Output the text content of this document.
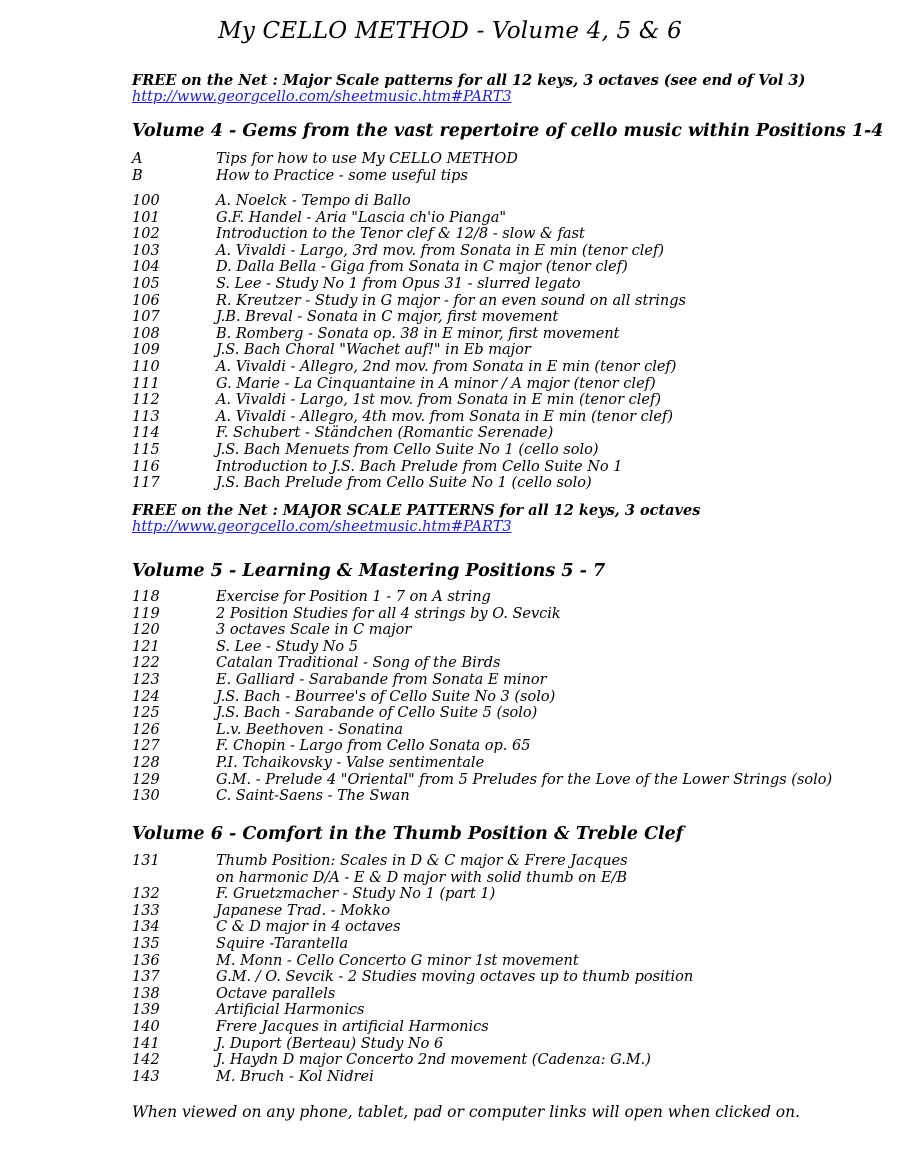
My CELLO METHOD - Volume 4, 5 & 6
FREE on the Net : Major Scale patterns for all 12 keys, 3 octaves (see end of Vol 3)
http://www.georgcello.com/sheetmusic.htm#PART3
Volume 4 - Gems from the vast repertoire of cello music within Positions 1-4
A	Tips for how to use My CELLO METHOD
B	How to Practice - some useful tips
100	A. Noelck - Tempo di Ballo
101	G.F. Handel - Aria "Lascia ch'io Pianga"
102	Introduction to the Tenor clef & 12/8 - slow & fast
103	A. Vivaldi - Largo, 3rd mov. from Sonata in E min (tenor clef)
104	D. Dalla Bella - Giga from Sonata in C major (tenor clef)
105	S. Lee - Study No 1 from Opus 31 - slurred legato
106	R. Kreutzer - Study in G major - for an even sound on all strings
107	J.B. Breval - Sonata in C major, first movement
108	B. Romberg - Sonata op. 38 in E minor, first movement
109	J.S. Bach Choral "Wachet auf!" in Eb major
110	A. Vivaldi - Allegro, 2nd mov. from Sonata in E min (tenor clef)
111	G. Marie - La Cinquantaine in A minor / A major (tenor clef)
112	A. Vivaldi - Largo, 1st mov. from Sonata in E min (tenor clef)
113	A. Vivaldi - Allegro, 4th mov. from Sonata in E min (tenor clef)
114	F. Schubert - Ständchen (Romantic Serenade)
115	J.S. Bach Menuets from Cello Suite No 1 (cello solo)
116	Introduction to J.S. Bach Prelude from Cello Suite No 1
117	J.S. Bach Prelude from Cello Suite No 1 (cello solo)
FREE on the Net : MAJOR SCALE PATTERNS for all 12 keys, 3 octaves
http://www.georgcello.com/sheetmusic.htm#PART3
Volume 5 - Learning & Mastering Positions 5 - 7
118	Exercise for Position 1 - 7 on A string
119	2 Position Studies for all 4 strings by O. Sevcik
120	3 octaves Scale in C major
121	S. Lee - Study No 5
122	Catalan Traditional - Song of the Birds
123	E. Galliard - Sarabande from Sonata E minor
124	J.S. Bach - Bourree's of Cello Suite No 3 (solo)
125	J.S. Bach - Sarabande of Cello Suite 5 (solo)
126	L.v. Beethoven - Sonatina
127	F. Chopin - Largo from Cello Sonata op. 65
128	P.I. Tchaikovsky - Valse sentimentale
129	G.M. - Prelude 4 "Oriental" from 5 Preludes for the Love of the Lower Strings (solo)
130	C. Saint-Saens - The Swan
Volume 6 - Comfort in the Thumb Position & Treble Clef
131	Thumb Position: Scales in D & C major & Frere Jacques
on harmonic D/A - E & D major with solid thumb on E/B
132	F. Gruetzmacher - Study No 1 (part 1)
133	Japanese Trad. - Mokko
134	C & D major in 4 octaves
135	Squire -Tarantella
136	M. Monn - Cello Concerto G minor 1st movement
137	G.M. / O. Sevcik - 2 Studies moving octaves up to thumb position
138	Octave parallels
139	Artificial Harmonics
140	Frere Jacques in artificial Harmonics
141	J. Duport (Berteau) Study No 6
142	J. Haydn D major Concerto 2nd movement (Cadenza: G.M.)
143	M. Bruch - Kol Nidrei
When viewed on any phone, tablet, pad or computer links will open when clicked on.
